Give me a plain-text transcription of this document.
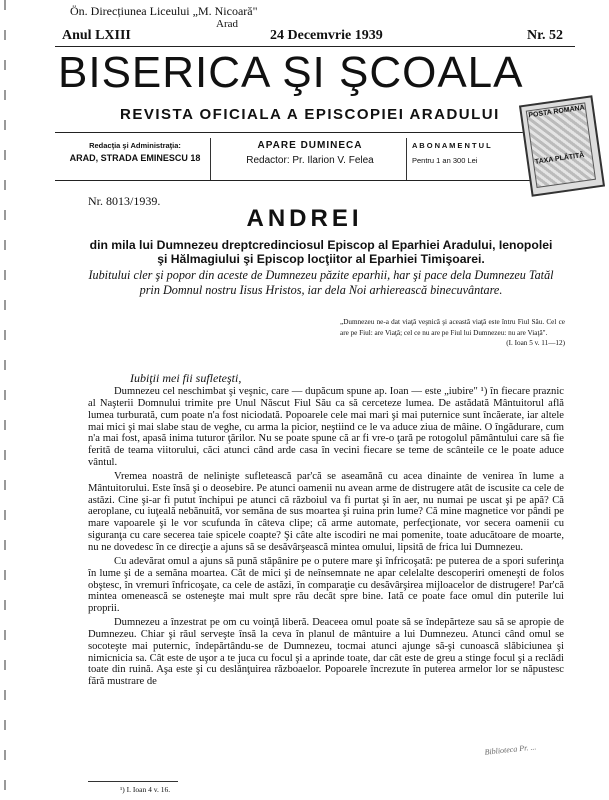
Ön. Direcțiunea Liceului „M. Nicoară"
Arad
Anul LXIII	24 Decemvrie 1939	Nr. 52
BISERICA ŞI ŞCOALA
REVISTA OFICIALA A EPISCOPIEI ARADULUI
Redacţia şi Administraţia:
ARAD, STRADA EMINESCU 18
APARE DUMINECA
Redactor: Pr. Ilarion V. Felea
A B O N A M E N T U L
Pentru 1 an 300 Lei
POSTA ROMANA
TAXA PLĂTITĂ
Nr. 8013/1939.
ANDREI
din mila lui Dumnezeu dreptcredinciosul Episcop al Eparhiei Aradului, Ienopolei şi Hălmagiului şi Episcop locţiitor al Eparhiei Timişoarei.
Iubitului cler şi popor din aceste de Dumnezeu păzite eparhii, har şi pace dela Dumnezeu Tatăl prin Domnul nostru Iisus Hristos, iar dela Noi arhierească binecuvântare.
„Dumnezeu ne-a dat viaţă veşnică şi această viaţă este întru Fiul Său. Cel ce are pe Fiul: are Viaţă; cel ce nu are pe Fiul lui Dumnezeu: nu are Viaţă".
(I. Ioan 5 v. 11—12)
Iubiţii mei fii sufleteşti,

Dumnezeu cel neschimbat şi veşnic, care — dupăcum spune ap. Ioan — este „iubire" ¹) în fiecare praznic al Naşterii Domnului trimite pre Unul Născut Fiul Său ca să cerceteze lumea. De astădată Mântuitorul află lumea turburată, cum poate n'a fost niciodată. Popoarele cele mai mari şi mai puternice sunt încăerate, iar altele mai mici şi mai slabe stau de veghe, cu arma la picior, neştiind ce le va aduce ziua de mâine. O îngădurare, cum n'a mai fost, apasă inima tuturor ţărilor. Nu se poate spune că ar fi vre-o ţară pe rotogolul pământului care să fie ferită de teama viitorului, căci atunci când arde casa în vecini fiecare se teme de scânteile ce le poate aduce vântul.

Vremea noastră de nelinişte sufletească par'că se aseamănă cu acea dinainte de venirea în lume a Mântuitorului. Este însă şi o deosebire. Pe atunci oamenii nu avean arme de distrugere atât de iscusite ca cele de astăzi. Cine şi-ar fi putut închipui pe atunci că războiul va fi purtat şi în aer, nu numai pe uscat şi pe apă? Că aeroplane, cu iuţeală nebănuită, vor semăna de sus moartea şi ruina prin lume? Că mine magnetice vor pândi pe mare vapoarele şi le vor scufunda în câteva clipe; că arme automate, perfecţionate, vor secera oamenii cu siguranţa cu care secerea taie spicele coapte? Şi câte alte iscodiri ne mai pomenite, toate aducătoare de moarte, nu ne dovedesc în ce direcţie a ajuns să se desăvârşească mintea omului, lipsită de frica lui Dumnezeu.

Cu adevărat omul a ajuns să pună stăpânire pe o putere mare şi înfricoşată: pe puterea de a spori suferinţa în lume şi de a semăna moartea. Cât de mici şi de neînsemnate ne apar celelalte descoperiri omeneşti de folos obştesc, în vremuri înfricoşate, ca cele de astăzi, în comparaţie cu desăvârşirea mijloacelor de distrugere! Par'că mintea omenească se osteneşte mai mult spre rău decât spre bine. Iată ce poate face omul din puterile lui proprii.

Dumnezeu a înzestrat pe om cu voinţă liberă. Deaceea omul poate să se îndepărteze sau să se apropie de Dumnezeu. Chiar şi răul serveşte însă la ceva în planul de mântuire a lui Dumnezeu. Atunci când omul se socoteşte mai puternic, îndepărtându-se de Dumnezeu, tocmai atunci ajunge să-şi cunoască slăbiciunea şi nimicnicia sa. Cât este de uşor a te juca cu focul şi a aprinde toate, dar cât este de greu a stinge focul şi a reclădi toate din ruină. Aşa este şi cu deslănţuirea războaelor. Popoarele încrezute în puterea armelor lor se năpustesc fără mustrare de

¹) I. Ioan 4 v. 16.
Biblioteca Pr. ...
